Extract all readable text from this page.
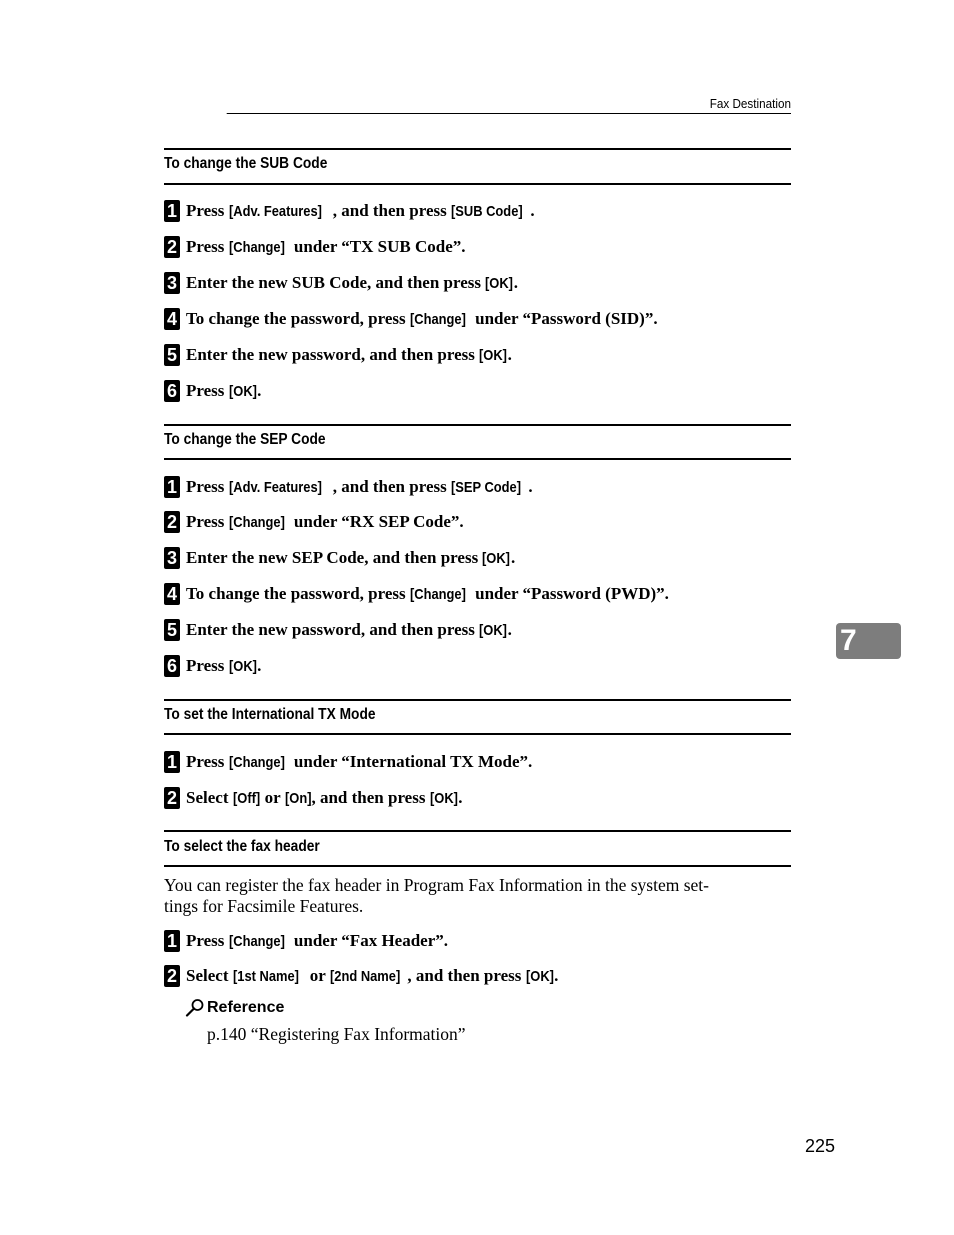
Fax Destination
To change the SUB Code
1 Press [Adv. Features] , and then press [SUB Code] .
2 Press [Change] under “TX SUB Code”.
3 Enter the new SUB Code, and then press [OK].
4 To change the password, press [Change] under “Password (SID)”.
5 Enter the new password, and then press [OK].
6 Press [OK].
To change the SEP Code
1 Press [Adv. Features] , and then press [SEP Code] .
2 Press [Change] under “RX SEP Code”.
3 Enter the new SEP Code, and then press [OK].
4 To change the password, press [Change] under “Password (PWD)”.
5 Enter the new password, and then press [OK].
6 Press [OK].
7
To set the International TX Mode
1 Press [Change] under “International TX Mode”.
2 Select [Off] or [On], and then press [OK].
To select the fax header
You can register the fax header in Program Fax Information in the system set-
tings for Facsimile Features.
1 Press [Change] under “Fax Header”.
2 Select [1st Name] or [2nd Name] , and then press [OK].
Reference
p.140 “Registering Fax Information”
225
